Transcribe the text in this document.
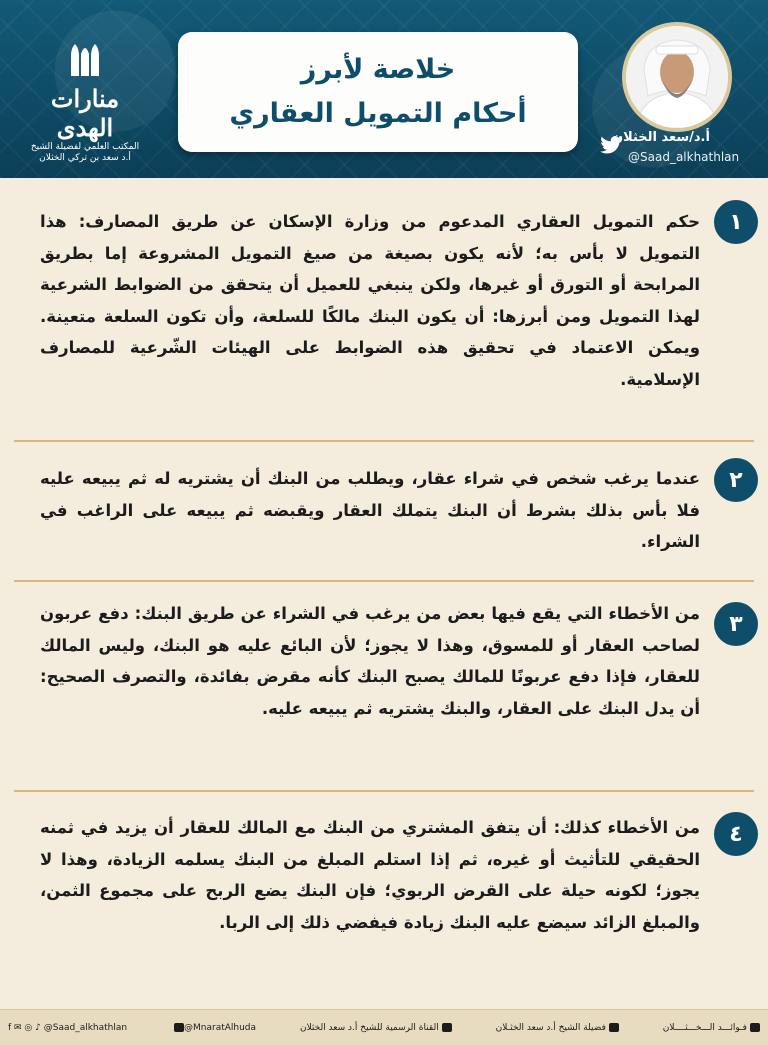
منارات الهدى
المكتب العلمي لفضيلة الشيخ
أ.د سعد بن تركي الخثلان
خلاصة لأبرز
أحكام التمويل العقاري
أ.د/سعد الخثلان
@Saad_alkhathlan
١
حكم التمويل العقاري المدعوم من وزارة الإسكان عن طريق المصارف: هذا التمويل لا بأس به؛ لأنه يكون بصيغة من صيغ التمويل المشروعة إما بطريق المرابحة أو التورق أو غيرها، ولكن ينبغي للعميل أن يتحقق من الضوابط الشرعية لهذا التمويل ومن أبرزها: أن يكون البنك مالكًا للسلعة، وأن تكون السلعة متعينة. ويمكن الاعتماد في تحقيق هذه الضوابط على الهيئات الشّرعية للمصارف الإسلامية.
٢
عندما يرغب شخص في شراء عقار، ويطلب من البنك أن يشتريه له ثم يبيعه عليه فلا بأس بذلك بشرط أن البنك يتملك العقار ويقبضه ثم يبيعه على الراغب في الشراء.
٣
من الأخطاء التي يقع فيها بعض من يرغب في الشراء عن طريق البنك: دفع عربون لصاحب العقار أو للمسوق، وهذا لا يجوز؛ لأن البائع عليه هو البنك، وليس المالك للعقار، فإذا دفع عربونًا للمالك يصبح البنك كأنه مقرض بفائدة، والتصرف الصحيح: أن يدل البنك على العقار، والبنك يشتريه ثم يبيعه عليه.
٤
من الأخطاء كذلك: أن يتفق المشتري من البنك مع المالك للعقار أن يزيد في ثمنه الحقيقي للتأثيث أو غيره، ثم إذا استلم المبلغ من البنك يسلمه الزيادة، وهذا لا يجوز؛ لكونه حيلة على القرض الربوي؛ فإن البنك يضع الربح على مجموع الثمن، والمبلغ الزائد سيضع عليه البنك زيادة فيفضي ذلك إلى الربا.
فـوائـــد الـــخـــثــــلان
فضيلة الشيخ أ.د سعد الخثـلان
القناة الرسمية للشيخ أ.د سعد الخثلان
@MnaratAlhuda
f ✉ ◎ ♪ @Saad_alkhathlan
